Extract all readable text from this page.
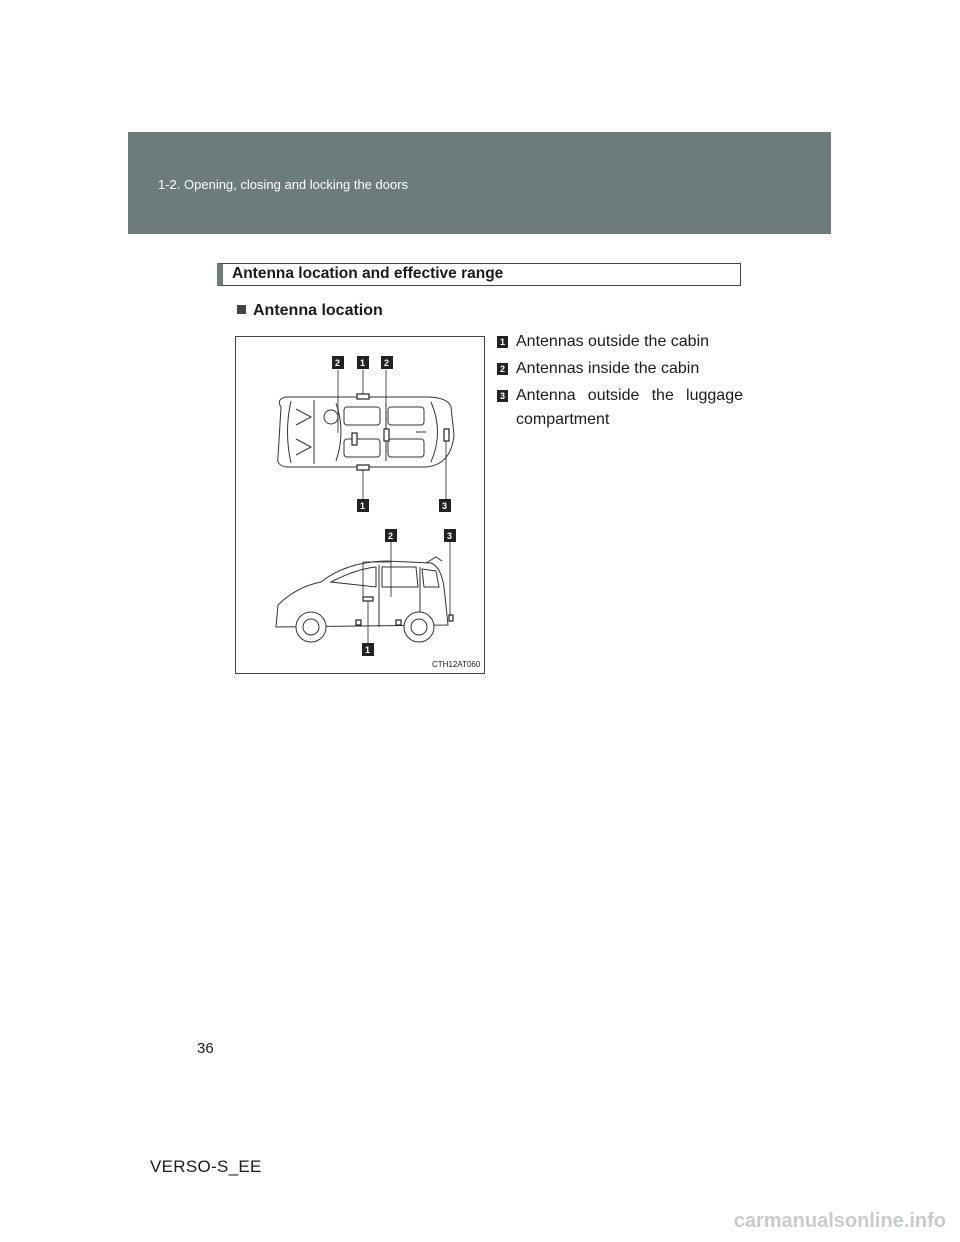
1-2. Opening, closing and locking the doors
Antenna location and effective range
Antenna location
2 1 2
1	3
2	3
1
CTH12AT060
1 Antennas outside the cabin
2 Antennas inside the cabin
3 Antenna outside the luggage compartment
36
VERSO-S_EE
carmanualsonline.info
